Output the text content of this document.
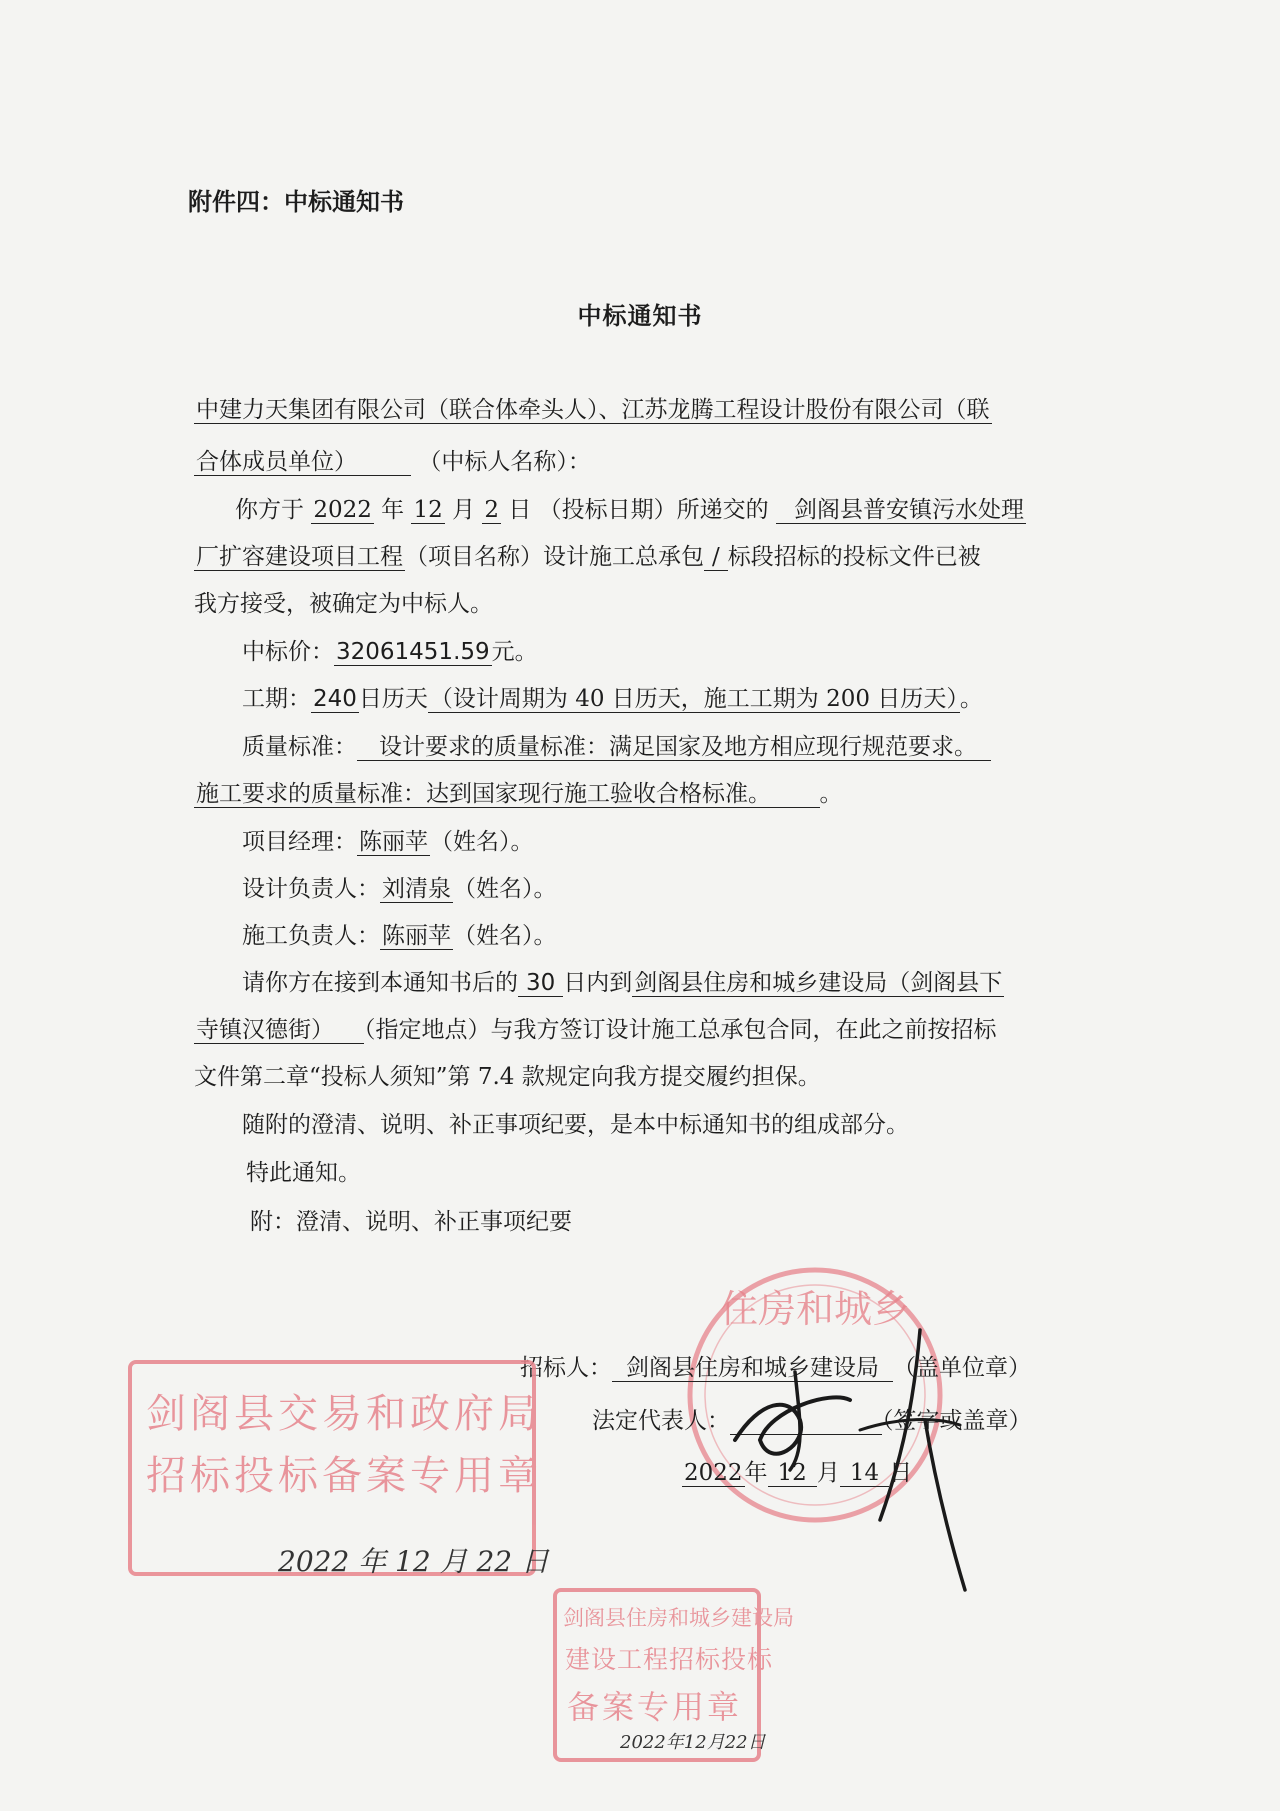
附件四：中标通知书
中标通知书
中建力天集团有限公司（联合体牵头人）、江苏龙腾工程设计股份有限公司（联
合体成员单位）	（中标人名称）：
你方于 2022 年 12 月 2 日 （投标日期）所递交的 剑阁县普安镇污水处理
厂扩容建设项目工程（项目名称）设计施工总承包 / 标段招标的投标文件已被
我方接受，被确定为中标人。
中标价：32061451.59元。
工期：240日历天（设计周期为 40 日历天，施工工期为 200 日历天）。
质量标准： 设计要求的质量标准：满足国家及地方相应现行规范要求。
施工要求的质量标准：达到国家现行施工验收合格标准。	。
项目经理：陈丽苹（姓名）。
设计负责人：刘清泉（姓名）。
施工负责人：陈丽苹（姓名）。
请你方在接到本通知书后的 30 日内到剑阁县住房和城乡建设局（剑阁县下
寺镇汉德街） （指定地点）与我方签订设计施工总承包合同，在此之前按招标
文件第二章“投标人须知”第 7.4 款规定向我方提交履约担保。
随附的澄清、说明、补正事项纪要，是本中标通知书的组成部分。
特此通知。
附：澄清、说明、补正事项纪要
住房和城乡
招标人： 剑阁县住房和城乡建设局 （盖单位章）
法定代表人：	（签字或盖章）
2022年 12 月 14 日
剑阁县交易和政府局
招标投标备案专用章
2022 年 12 月 22 日
剑阁县住房和城乡建设局
建设工程招标投标
备案专用章
2022年12月22日
